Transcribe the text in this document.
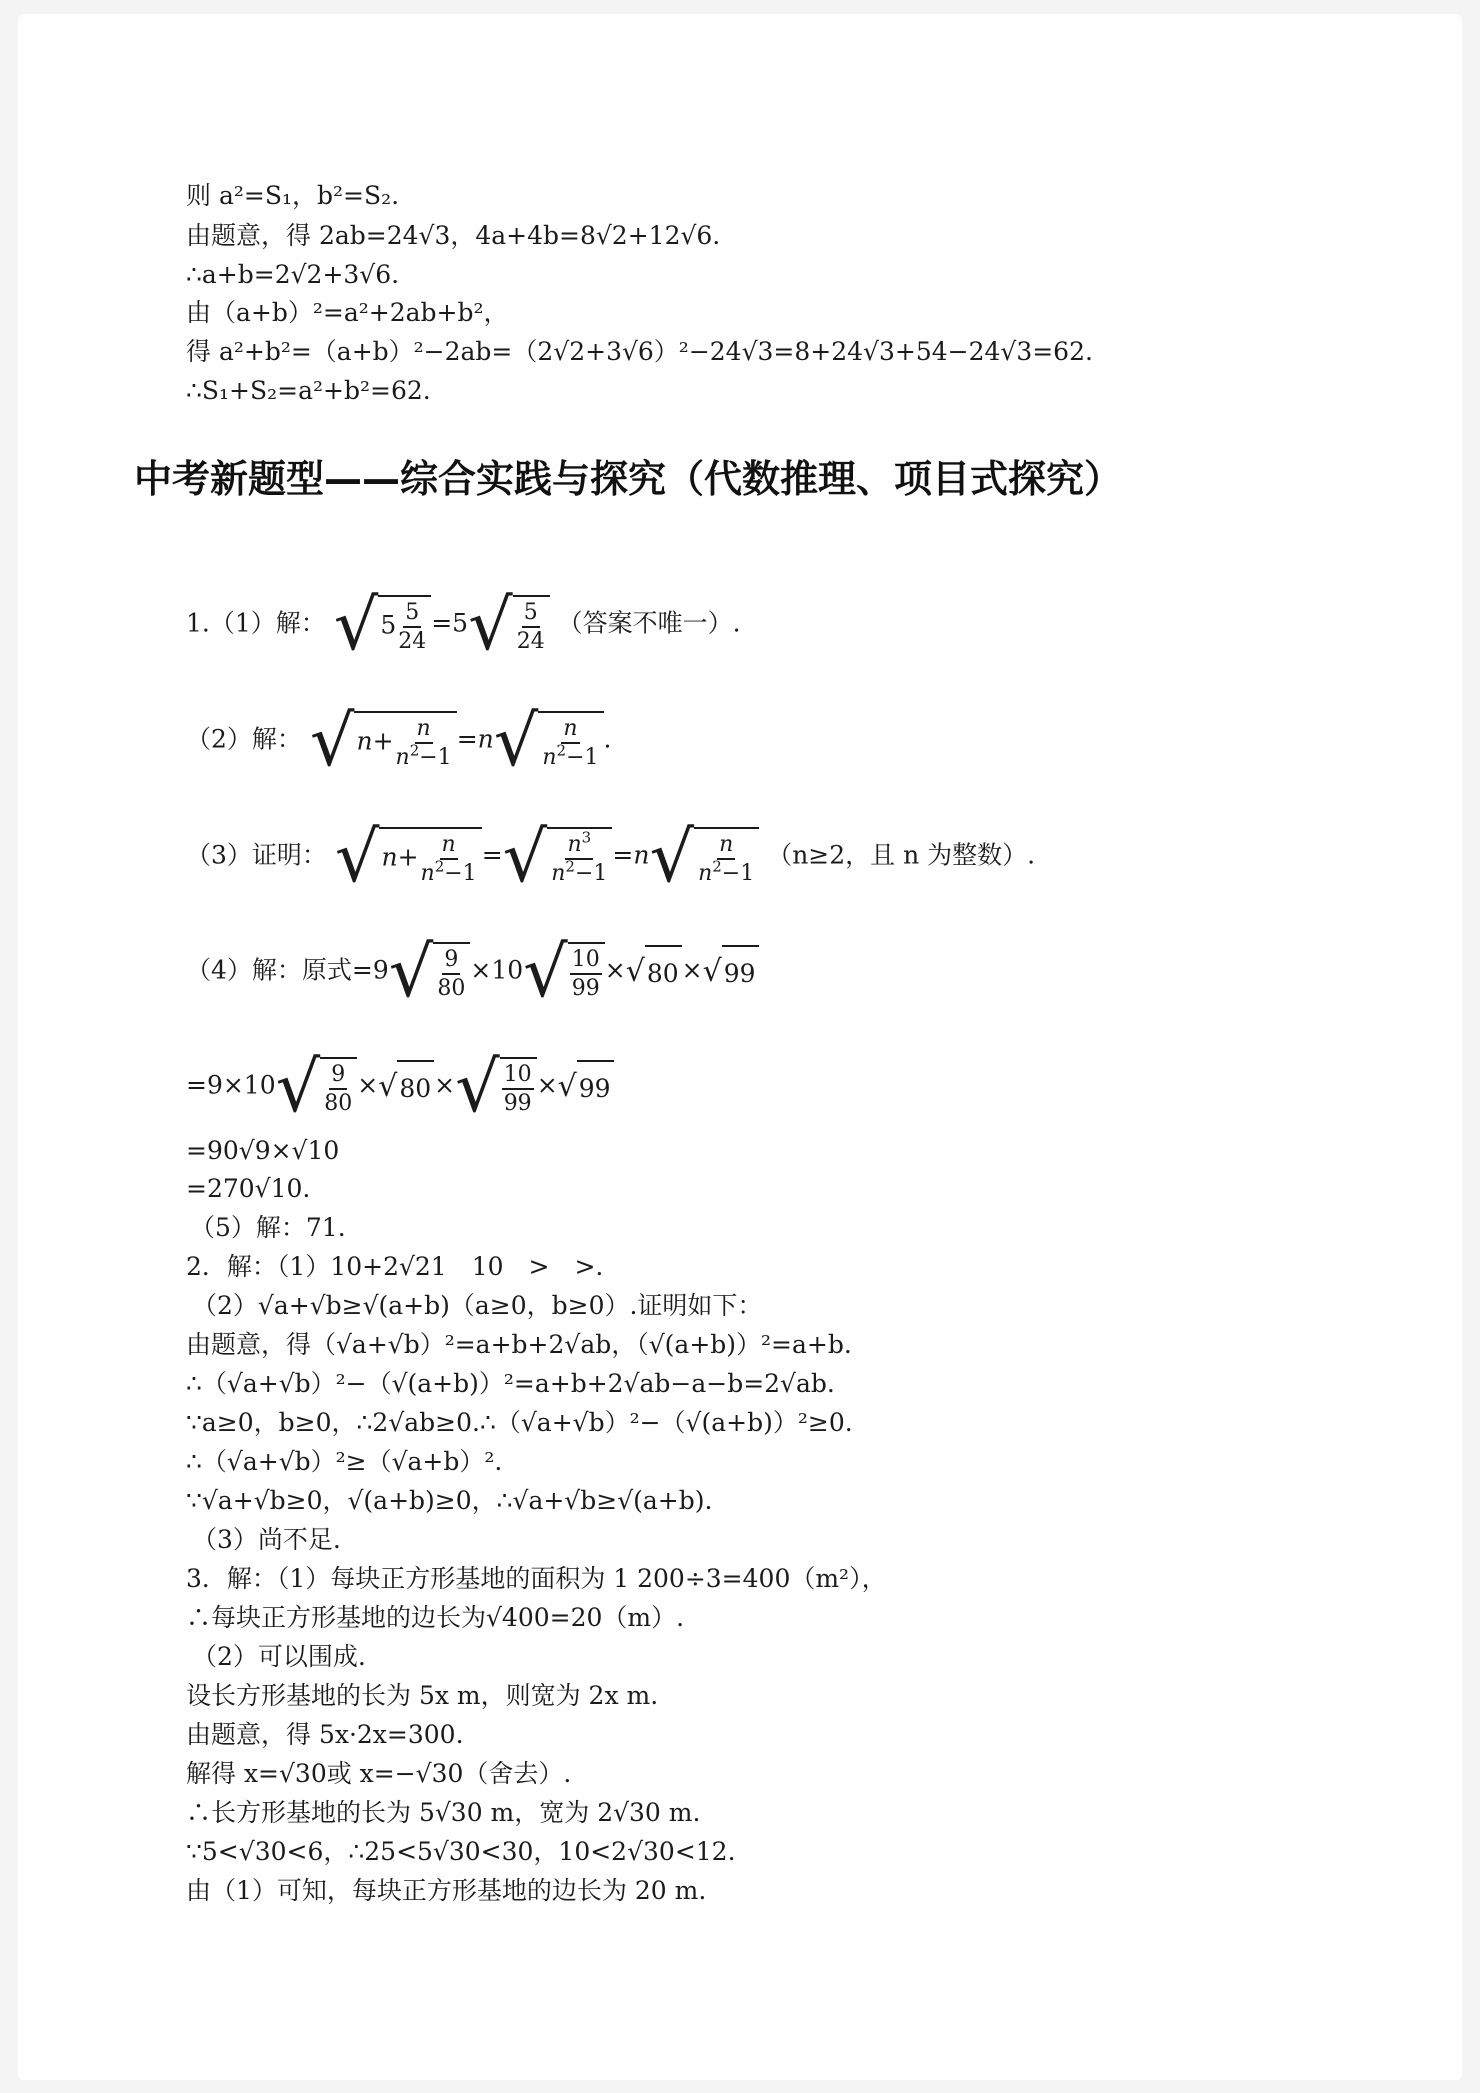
则 a²=S₁，b²=S₂.
由题意，得 2ab=24√3，4a+4b=8√2+12√6.
∴a+b=2√2+3√6.
由（a+b）²=a²+2ab+b²，
得 a²+b²=（a+b）²−2ab=（2√2+3√6）²−24√3=8+24√3+54−24√3=62.
∴S₁+S₂=a²+b²=62.
中考新题型——综合实践与探究（代数推理、项目式探究）
1.（1）解： $√5 \frac{5}{24} =5√ \frac{5}{24}$ （答案不唯一）.
（2）解： $√n+ \frac{n}{n^2-1} =n√ \frac{n}{n^2-1}$ .
（3）证明： $√n+ \frac{n}{n^2-1}$ =√ $\frac{n^3}{n^2-1} =n√ \frac{n}{n^2-1} (n\ge 2$，且 n 为整数）.
（4）解：原式$=9√ \frac{9}{80} \times 10√ \frac{10}{99} \times√80 \times√99$
$=9\times 10√ \frac{9}{80} \times√80$ ×√ $\frac{10}{99} \times√99$
=90√9×√10
=270√10.
（5）解：71.
2．解：（1）10+2√21　10　>　>.
（2）√a+√b≥√(a+b)（a≥0，b≥0）.证明如下：
由题意，得（√a+√b）²=a+b+2√ab，（√(a+b)）²=a+b.
∴（√a+√b）²−（√(a+b)）²=a+b+2√ab−a−b=2√ab.
∵a≥0，b≥0，∴2√ab≥0.∴（√a+√b）²−（√(a+b)）²≥0.
∴（√a+√b）²≥（√a+b）².
∵√a+√b≥0，√(a+b)≥0，∴√a+√b≥√(a+b).
（3）尚不足.
3．解：（1）每块正方形基地的面积为 1 200÷3=400（m²），
∴每块正方形基地的边长为√400=20（m）.
（2）可以围成.
设长方形基地的长为 5x m，则宽为 2x m.
由题意，得 5x·2x=300.
解得 x=√30或 x=−√30（舍去）.
∴长方形基地的长为 5√30 m，宽为 2√30 m.
∵5<√30<6，∴25<5√30<30，10<2√30<12.
由（1）可知，每块正方形基地的边长为 20 m.
